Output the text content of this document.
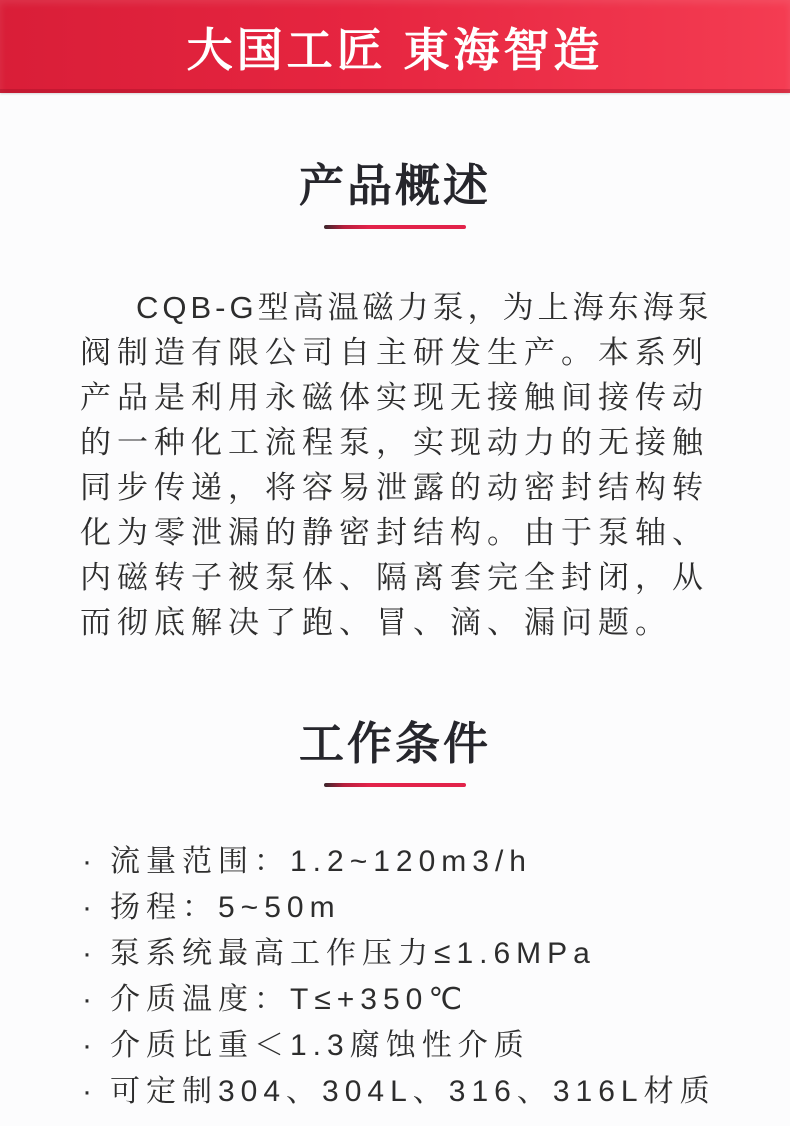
大国工匠 東海智造
产品概述
CQB-G型高温磁力泵，为上海东海泵
阀制造有限公司自主研发生产。本系列
产品是利用永磁体实现无接触间接传动
的一种化工流程泵，实现动力的无接触
同步传递，将容易泄露的动密封结构转
化为零泄漏的静密封结构。由于泵轴、
内磁转子被泵体、隔离套完全封闭，从
而彻底解决了跑、冒、滴、漏问题。
工作条件
· 流量范围：1.2~120m3/h
· 扬程：5~50m
· 泵系统最高工作压力≤1.6MPa
· 介质温度：T≤+350℃
· 介质比重＜1.3腐蚀性介质
· 可定制304、304L、316、316L材质
